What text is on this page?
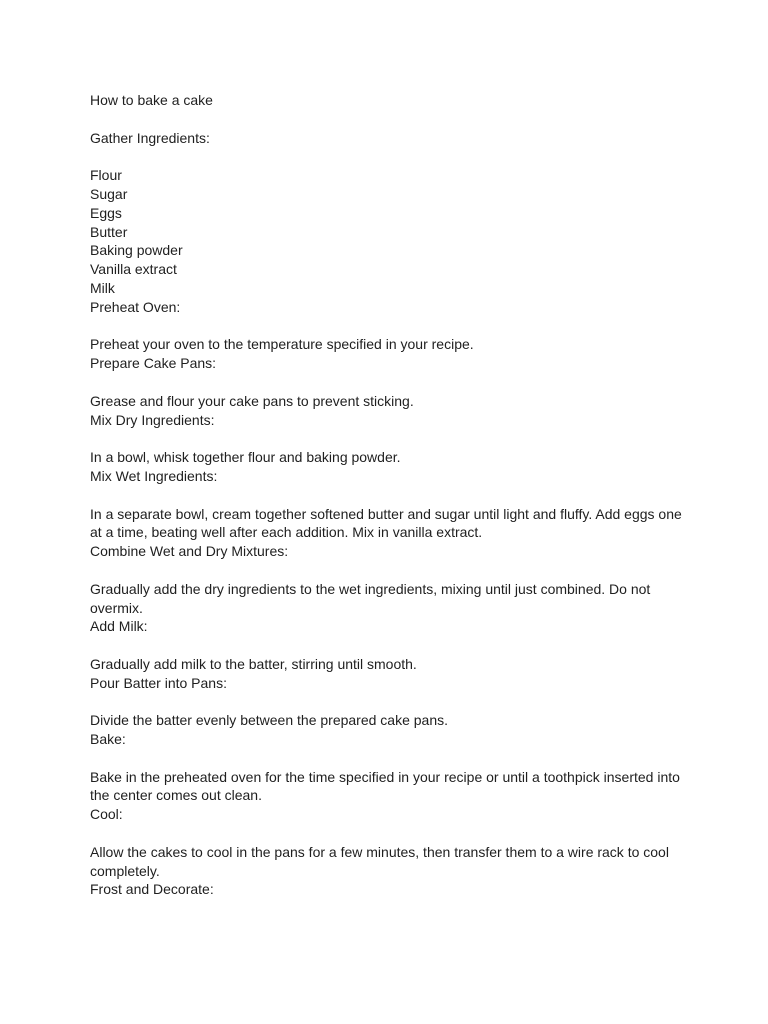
How to bake a cake

Gather Ingredients:

Flour

Sugar

Eggs

Butter

Baking powder

Vanilla extract

Milk

Preheat Oven:

Preheat your oven to the temperature specified in your recipe.

Prepare Cake Pans:

Grease and flour your cake pans to prevent sticking.

Mix Dry Ingredients:

In a bowl, whisk together flour and baking powder.

Mix Wet Ingredients:

In a separate bowl, cream together softened butter and sugar until light and fluffy. Add eggs one at a time, beating well after each addition. Mix in vanilla extract.

Combine Wet and Dry Mixtures:

Gradually add the dry ingredients to the wet ingredients, mixing until just combined. Do not overmix.

Add Milk:

Gradually add milk to the batter, stirring until smooth.

Pour Batter into Pans:

Divide the batter evenly between the prepared cake pans.

Bake:

Bake in the preheated oven for the time specified in your recipe or until a toothpick inserted into the center comes out clean.

Cool:

Allow the cakes to cool in the pans for a few minutes, then transfer them to a wire rack to cool completely.

Frost and Decorate:
